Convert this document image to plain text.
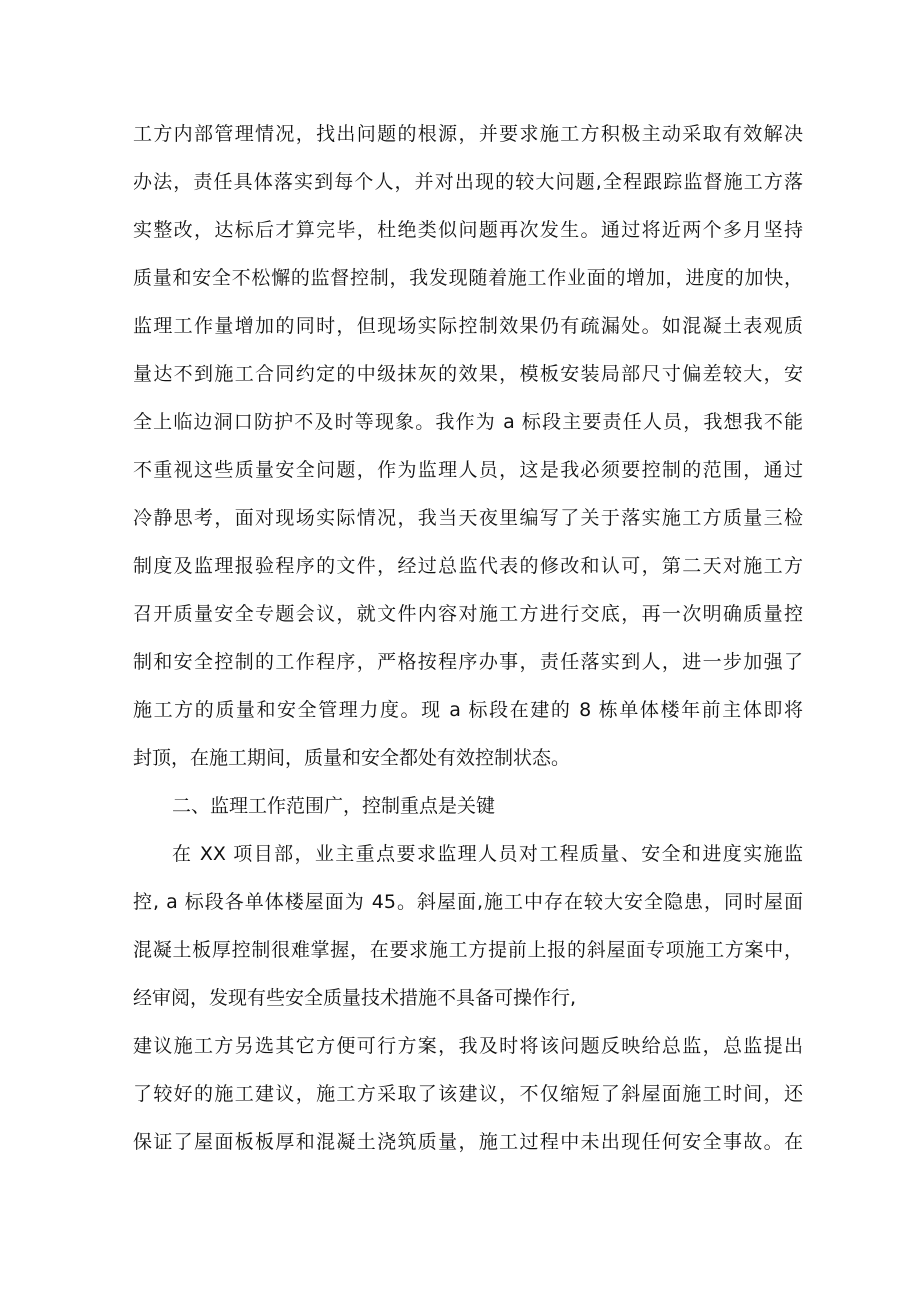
工方内部管理情况，找出问题的根源，并要求施工方积极主动采取有效解决
办法，责任具体落实到每个人，并对出现的较大问题,全程跟踪监督施工方落
实整改，达标后才算完毕，杜绝类似问题再次发生。通过将近两个多月坚持
质量和安全不松懈的监督控制，我发现随着施工作业面的增加，进度的加快，
监理工作量增加的同时，但现场实际控制效果仍有疏漏处。如混凝土表观质
量达不到施工合同约定的中级抹灰的效果，模板安装局部尺寸偏差较大，安
全上临边洞口防护不及时等现象。我作为 a 标段主要责任人员，我想我不能
不重视这些质量安全问题，作为监理人员，这是我必须要控制的范围，通过
冷静思考，面对现场实际情况，我当天夜里编写了关于落实施工方质量三检
制度及监理报验程序的文件，经过总监代表的修改和认可，第二天对施工方
召开质量安全专题会议，就文件内容对施工方进行交底，再一次明确质量控
制和安全控制的工作程序，严格按程序办事，责任落实到人，进一步加强了
施工方的质量和安全管理力度。现 a 标段在建的 8 栋单体楼年前主体即将
封顶，在施工期间，质量和安全都处有效控制状态。
二、监理工作范围广，控制重点是关键
在 XX 项目部，业主重点要求监理人员对工程质量、安全和进度实施监
控, a 标段各单体楼屋面为 45。斜屋面,施工中存在较大安全隐患，同时屋面
混凝土板厚控制很难掌握，在要求施工方提前上报的斜屋面专项施工方案中，
经审阅，发现有些安全质量技术措施不具备可操作行,
建议施工方另选其它方便可行方案，我及时将该问题反映给总监，总监提出
了较好的施工建议，施工方采取了该建议，不仅缩短了斜屋面施工时间，还
保证了屋面板板厚和混凝土浇筑质量，施工过程中未出现任何安全事故。在
